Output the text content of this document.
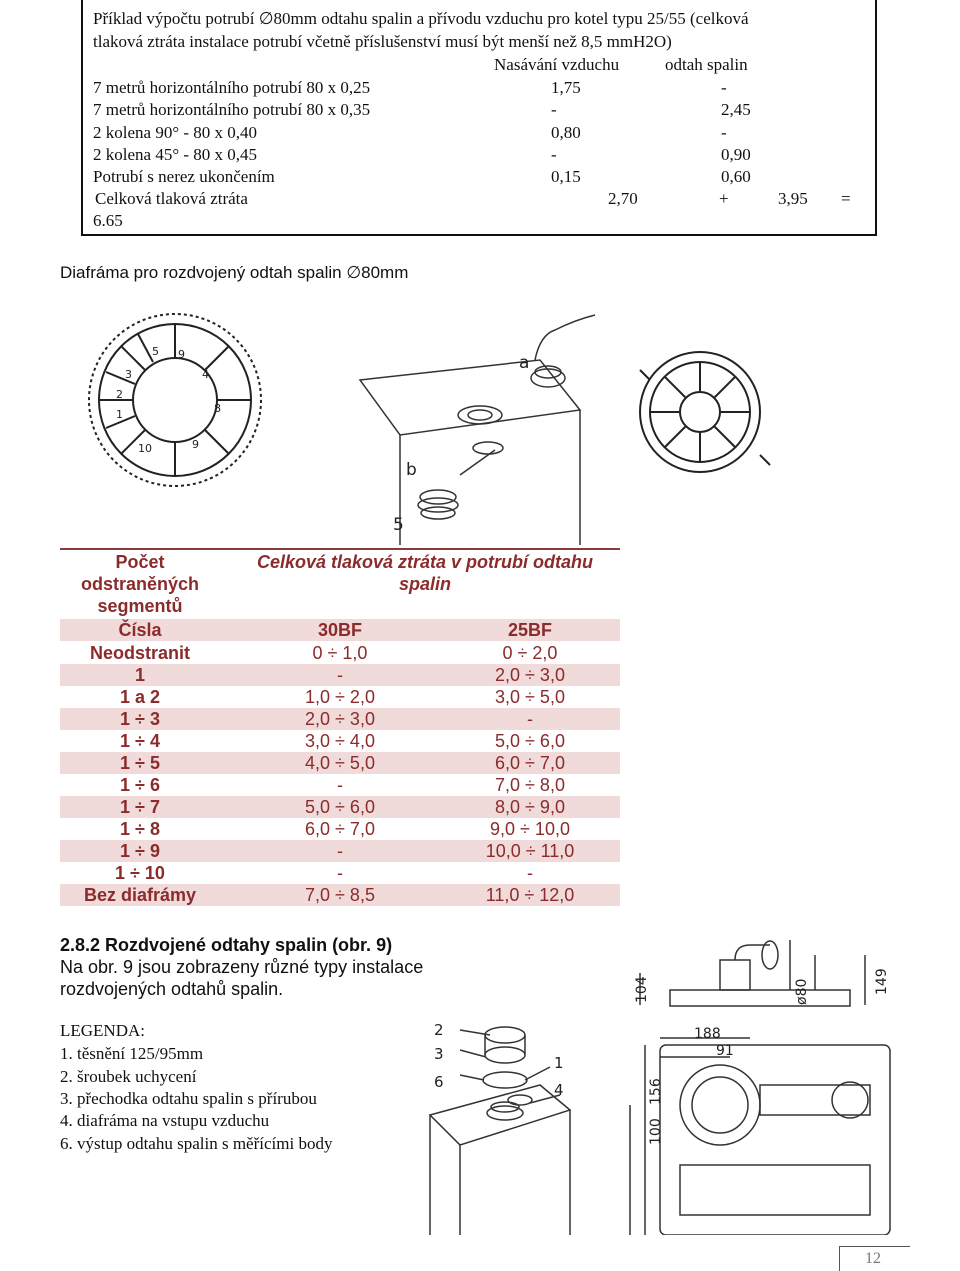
Příklad výpočtu potrubí ∅80mm odtahu spalin a přívodu vzduchu pro kotel typu 25/55 (celková
tlaková ztráta instalace potrubí včetně příslušenství musí být menší než 8,5 mmH2O)
Nasávání vzduchu	odtah spalin
7 metrů horizontálního potrubí 80 x 0,25	1,75	-
7 metrů horizontálního potrubí 80 x 0,35	-	2,45
2 kolena 90° - 80 x 0,40	0,80	-
2 kolena 45° - 80 x 0,45	-	0,90
Potrubí s nerez ukončením	0,15	0,60
Celková tlaková ztráta	2,70	+	3,95 =
6.65
Diafráma pro rozdvojený odtah spalin ∅80mm
5 9
4
3
2
1	8
10	9
a
b
5
Počet
odstraněných
segmentů
Celková tlaková ztráta v potrubí odtahu
spalin
Čísla	30BF	25BF
Neodstranit	0 ÷ 1,0	0 ÷ 2,0
1	-	2,0 ÷ 3,0
1 a 2	1,0 ÷ 2,0	3,0 ÷ 5,0
1 ÷ 3	2,0 ÷ 3,0	-
1 ÷ 4	3,0 ÷ 4,0	5,0 ÷ 6,0
1 ÷ 5	4,0 ÷ 5,0	6,0 ÷ 7,0
1 ÷ 6	-	7,0 ÷ 8,0
1 ÷ 7	5,0 ÷ 6,0	8,0 ÷ 9,0
1 ÷ 8	6,0 ÷ 7,0	9,0 ÷ 10,0
1 ÷ 9	-	10,0 ÷ 11,0
1 ÷ 10	-	-
Bez diafrámy	7,0 ÷ 8,5	11,0 ÷ 12,0
2.8.2 Rozdvojené odtahy spalin (obr. 9)
Na obr. 9 jsou zobrazeny různé typy instalace
rozdvojených odtahů spalin.
LEGENDA:
1. těsnění 125/95mm
2. šroubek uchycení
3. přechodka odtahu spalin s přírubou
4. diafráma na vstupu vzduchu
6. výstup odtahu spalin s měřícími body
2
3
6
1
4
104	ø80	149
188
91
156
100
12
